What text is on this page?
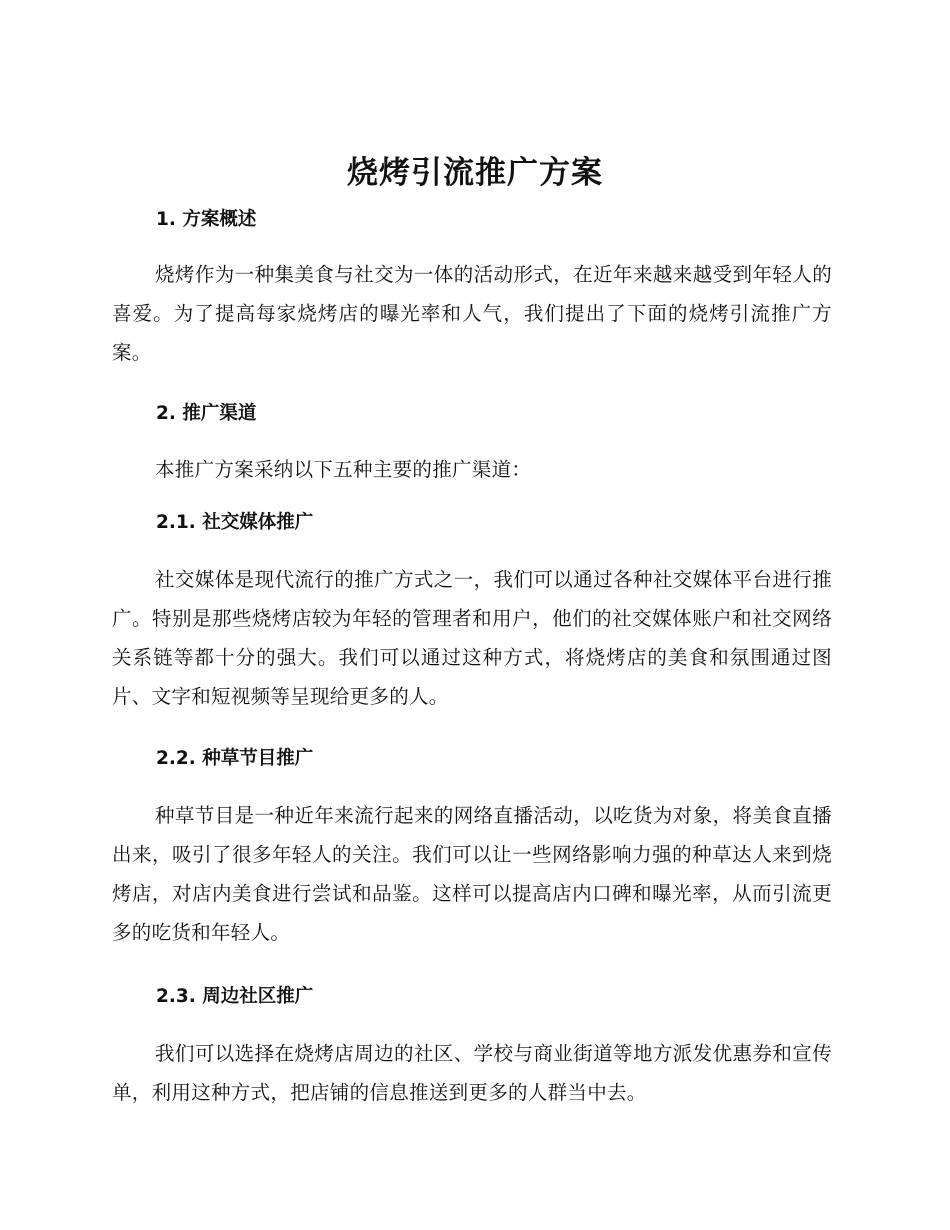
烧烤引流推广方案
1. 方案概述

烧烤作为一种集美食与社交为一体的活动形式，在近年来越来越受到年轻人的喜爱。为了提高每家烧烤店的曝光率和人气，我们提出了下面的烧烤引流推广方案。

2. 推广渠道

本推广方案采纳以下五种主要的推广渠道：

2.1. 社交媒体推广

社交媒体是现代流行的推广方式之一，我们可以通过各种社交媒体平台进行推广。特别是那些烧烤店较为年轻的管理者和用户，他们的社交媒体账户和社交网络关系链等都十分的强大。我们可以通过这种方式，将烧烤店的美食和氛围通过图片、文字和短视频等呈现给更多的人。

2.2. 种草节目推广

种草节目是一种近年来流行起来的网络直播活动，以吃货为对象，将美食直播出来，吸引了很多年轻人的关注。我们可以让一些网络影响力强的种草达人来到烧烤店，对店内美食进行尝试和品鉴。这样可以提高店内口碑和曝光率，从而引流更多的吃货和年轻人。

2.3. 周边社区推广

我们可以选择在烧烤店周边的社区、学校与商业街道等地方派发优惠券和宣传单，利用这种方式，把店铺的信息推送到更多的人群当中去。
